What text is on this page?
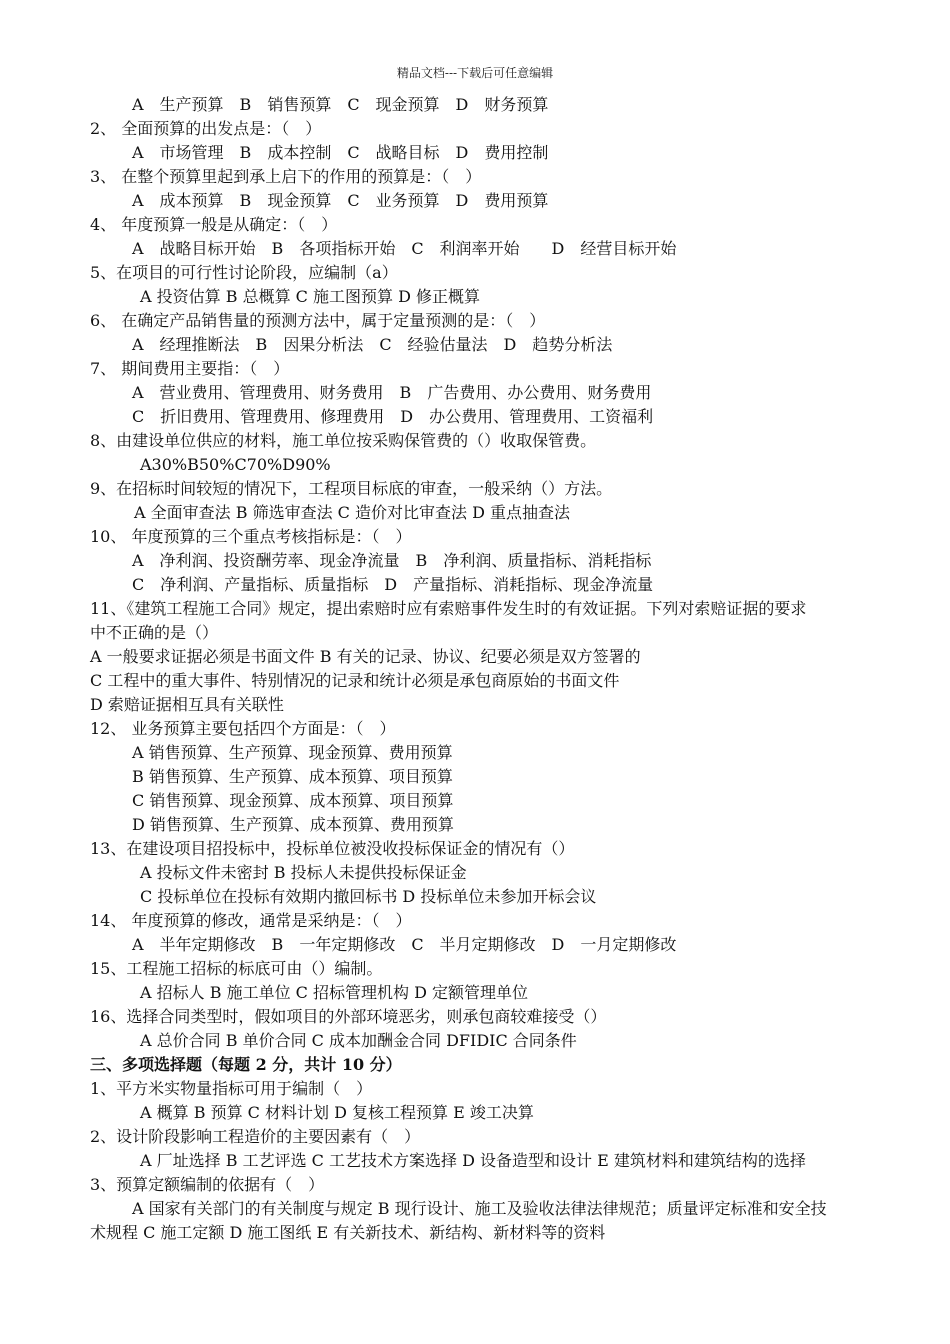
精品文档---下载后可任意编辑
A　生产预算　B　销售预算　C　现金预算　D　财务预算
2、 全面预算的出发点是：（　）
A　市场管理　B　成本控制　C　战略目标　D　费用控制
3、 在整个预算里起到承上启下的作用的预算是：（　）
A　成本预算　B　现金预算　C　业务预算　D　费用预算
4、 年度预算一般是从确定：（　）
A　战略目标开始　B　各项指标开始　C　利润率开始　　D　经营目标开始
5、在项目的可行性讨论阶段，应编制（a）
A 投资估算 B 总概算 C 施工图预算 D 修正概算
6、 在确定产品销售量的预测方法中，属于定量预测的是：（　）
A　经理推断法　B　因果分析法　C　经验估量法　D　趋势分析法
7、 期间费用主要指：（　）
A　营业费用、管理费用、财务费用　B　广告费用、办公费用、财务费用
C　折旧费用、管理费用、修理费用　D　办公费用、管理费用、工资福利
8、由建设单位供应的材料，施工单位按采购保管费的（）收取保管费。
A30%B50%C70%D90%
9、在招标时间较短的情况下，工程项目标底的审查，一般采纳（）方法。
A 全面审查法 B 筛选审查法 C 造价对比审查法 D 重点抽查法
10、 年度预算的三个重点考核指标是：（　）
A　净利润、投资酬劳率、现金净流量　B　净利润、质量指标、消耗指标
C　净利润、产量指标、质量指标　D　产量指标、消耗指标、现金净流量
11、《建筑工程施工合同》规定，提出索赔时应有索赔事件发生时的有效证据。下列对索赔证据的要求
中不正确的是（）
A 一般要求证据必须是书面文件 B 有关的记录、协议、纪要必须是双方签署的
C 工程中的重大事件、特别情况的记录和统计必须是承包商原始的书面文件
D 索赔证据相互具有关联性
12、 业务预算主要包括四个方面是：（　）
A 销售预算、生产预算、现金预算、费用预算
B 销售预算、生产预算、成本预算、项目预算
C 销售预算、现金预算、成本预算、项目预算
D 销售预算、生产预算、成本预算、费用预算
13、在建设项目招投标中，投标单位被没收投标保证金的情况有（）
A 投标文件未密封 B 投标人未提供投标保证金
C 投标单位在投标有效期内撤回标书 D 投标单位未参加开标会议
14、 年度预算的修改，通常是采纳是：（　）
A　半年定期修改　B　一年定期修改　C　半月定期修改　D　一月定期修改
15、工程施工招标的标底可由（）编制。
A 招标人 B 施工单位 C 招标管理机构 D 定额管理单位
16、选择合同类型时，假如项目的外部环境恶劣，则承包商较难接受（）
A 总价合同 B 单价合同 C 成本加酬金合同 DFIDIC 合同条件
三、多项选择题（每题 2 分，共计 10 分）
1、平方米实物量指标可用于编制（　）
A 概算 B 预算 C 材料计划 D 复核工程预算 E 竣工决算
2、设计阶段影响工程造价的主要因素有（　）
A 厂址选择 B 工艺评选 C 工艺技术方案选择 D 设备造型和设计 E 建筑材料和建筑结构的选择
3、预算定额编制的依据有（　）
A 国家有关部门的有关制度与规定 B 现行设计、施工及验收法律法律规范；质量评定标准和安全技
术规程 C 施工定额 D 施工图纸 E 有关新技术、新结构、新材料等的资料
